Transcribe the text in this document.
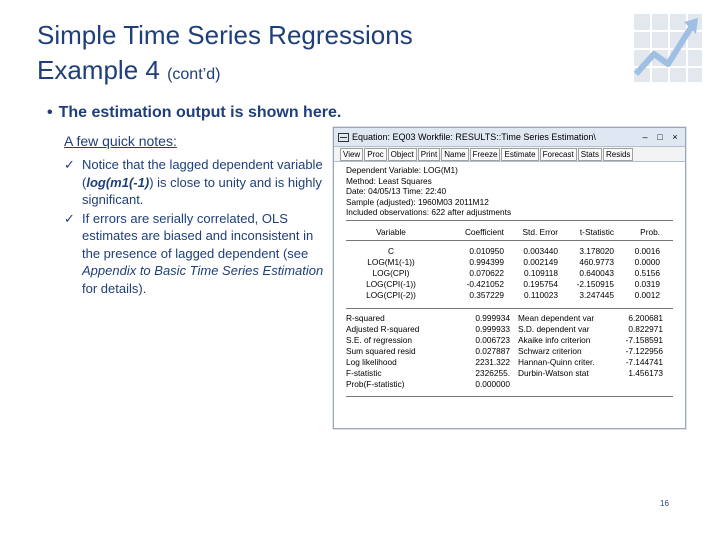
Simple Time Series Regressions
Example 4 (cont’d)
• The estimation output is shown here.
A few quick notes:
✓ Notice that the lagged dependent variable (log(m1(-1)) is close to unity and is highly significant.
✓ If errors are serially correlated, OLS estimates are biased and inconsistent in the presence of lagged dependent (see Appendix to Basic Time Series Estimation for details).
Equation: EQ03 Workfile: RESULTS::Time Series Estimation\	–	□	×
View Proc Object Print Name Freeze Estimate Forecast Stats Resids
Dependent Variable: LOG(M1)
Method: Least Squares
Date: 04/05/13 Time: 22:40
Sample (adjusted): 1960M03 2011M12
Included observations: 622 after adjustments
Variable	Coefficient	Std. Error	t-Statistic	Prob.
C	0.010950	0.003440	3.178020	0.0016
LOG(M1(-1))	0.994399	0.002149	460.9773	0.0000
LOG(CPI)	0.070622	0.109118	0.640043	0.5156
LOG(CPI(-1))	-0.421052	0.195754	-2.150915	0.0319
LOG(CPI(-2))	0.357229	0.110023	3.247445	0.0012
R-squared	0.999934 Mean dependent var	6.200681
Adjusted R-squared	0.999933 S.D. dependent var	0.822971
S.E. of regression	0.006723 Akaike info criterion	-7.158591
Sum squared resid	0.027887 Schwarz criterion	-7.122956
Log likelihood	2231.322 Hannan-Quinn criter.	-7.144741
F-statistic	2326255. Durbin-Watson stat	1.456173
Prob(F-statistic)	0.000000
16
